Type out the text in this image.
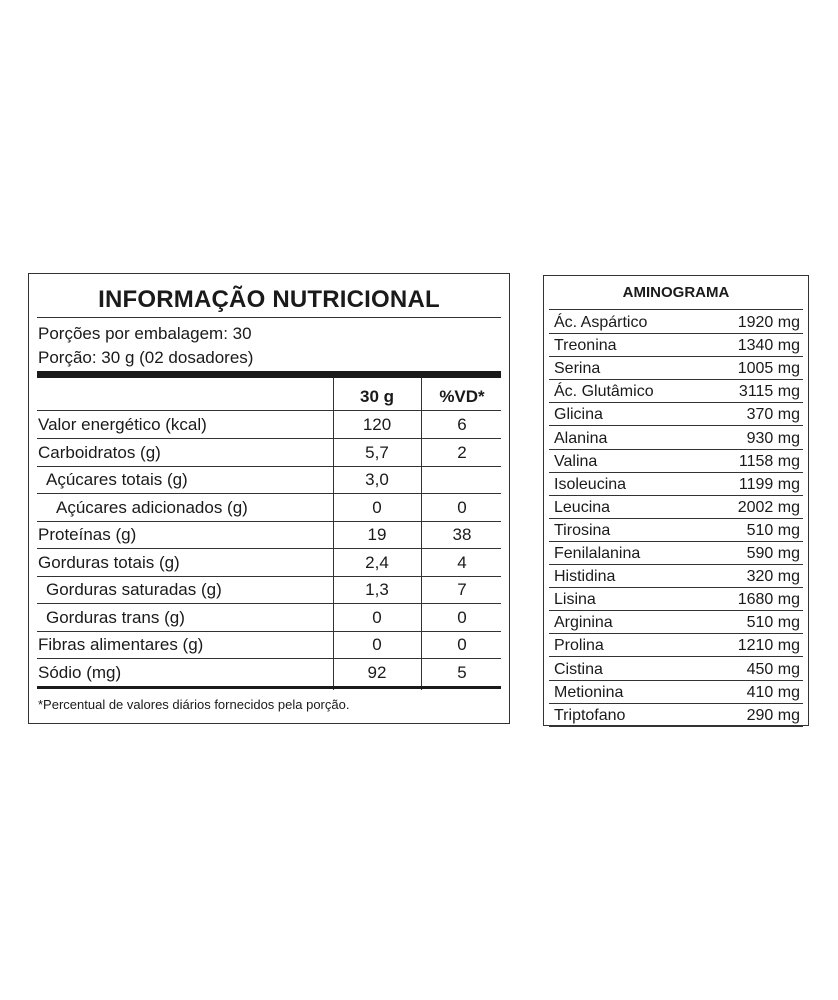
INFORMAÇÃO NUTRICIONAL
Porções por embalagem: 30
Porção: 30 g (02 dosadores)
30 g	%VD*
Valor energético (kcal)	120	6
Carboidratos (g)	5,7	2
Açúcares totais (g)	3,0
Açúcares adicionados (g)	0	0
Proteínas (g)	19	38
Gorduras totais (g)	2,4	4
Gorduras saturadas (g)	1,3	7
Gorduras trans (g)	0	0
Fibras alimentares (g)	0	0
Sódio (mg)	92	5
*Percentual de valores diários fornecidos pela porção.
AMINOGRAMA
Ác. Aspártico	1920 mg
Treonina	1340 mg
Serina	1005 mg
Ác. Glutâmico	3115 mg
Glicina	370 mg
Alanina	930 mg
Valina	1158 mg
Isoleucina	1199 mg
Leucina	2002 mg
Tirosina	510 mg
Fenilalanina	590 mg
Histidina	320 mg
Lisina	1680 mg
Arginina	510 mg
Prolina	1210 mg
Cistina	450 mg
Metionina	410 mg
Triptofano	290 mg
